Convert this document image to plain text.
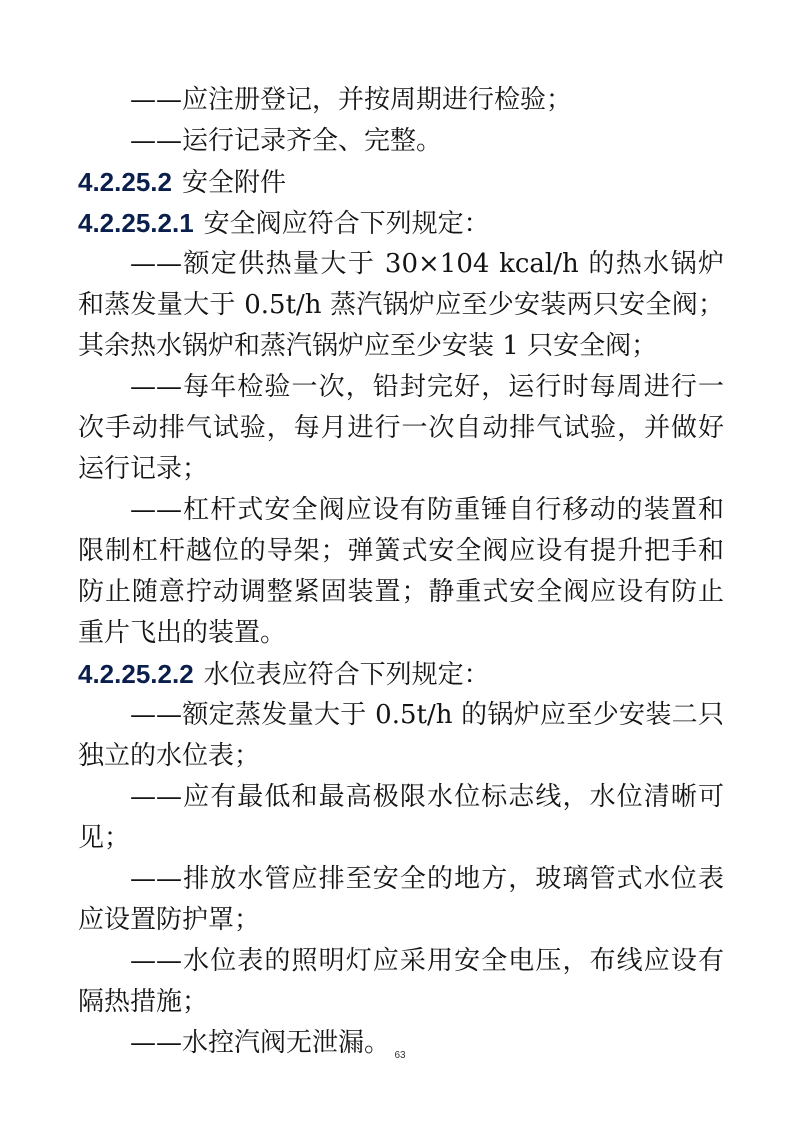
——应注册登记，并按周期进行检验；

——运行记录齐全、完整。

4.2.25.2 安全附件
4.2.25.2.1 安全阀应符合下列规定：

——额定供热量大于 30×104 kcal/h 的热水锅炉和蒸发量大于 0.5t/h 蒸汽锅炉应至少安装两只安全阀；其余热水锅炉和蒸汽锅炉应至少安装 1 只安全阀；

——每年检验一次，铅封完好，运行时每周进行一次手动排气试验，每月进行一次自动排气试验，并做好运行记录；

——杠杆式安全阀应设有防重锤自行移动的装置和限制杠杆越位的导架；弹簧式安全阀应设有提升把手和防止随意拧动调整紧固装置；静重式安全阀应设有防止重片飞出的装置。

4.2.25.2.2 水位表应符合下列规定：

——额定蒸发量大于 0.5t/h 的锅炉应至少安装二只独立的水位表；

——应有最低和最高极限水位标志线，水位清晰可见；

——排放水管应排至安全的地方，玻璃管式水位表应设置防护罩；

——水位表的照明灯应采用安全电压，布线应设有隔热措施；

——水控汽阀无泄漏。 63
